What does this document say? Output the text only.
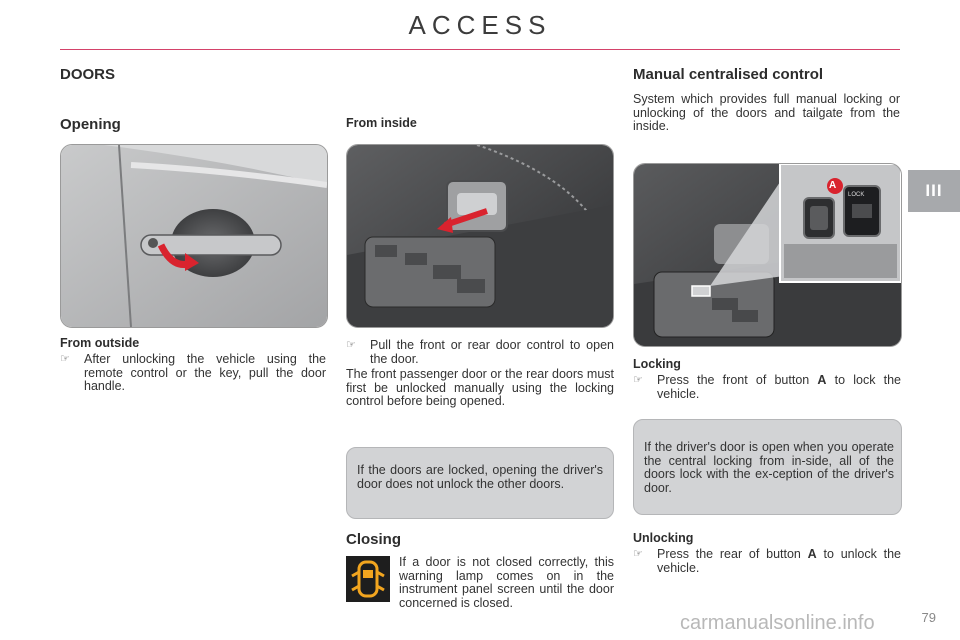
ACCESS
III
DOORS
Opening
From outside
☞	After unlocking the vehicle using the remote control or the key, pull the door handle.
From inside
☞	Pull the front or rear door control to open the door.
The front passenger door or the rear doors must first be unlocked manually using the locking control before being opened.
If the doors are locked, opening the driver's door does not unlock the other doors.
Closing
If a door is not closed correctly, this warning lamp comes on in the instrument panel screen until the door concerned is closed.
Manual centralised control
System which provides full manual locking or unlocking of the doors and tailgate from the inside.
A
LOCK
Locking
☞	Press the front of button A to lock the vehicle.
If the driver's door is open when you operate the central locking from in-side, all of the doors lock with the ex-ception of the driver's door.
Unlocking
☞	Press the rear of button A to unlock the vehicle.
carmanualsonline.info	79
